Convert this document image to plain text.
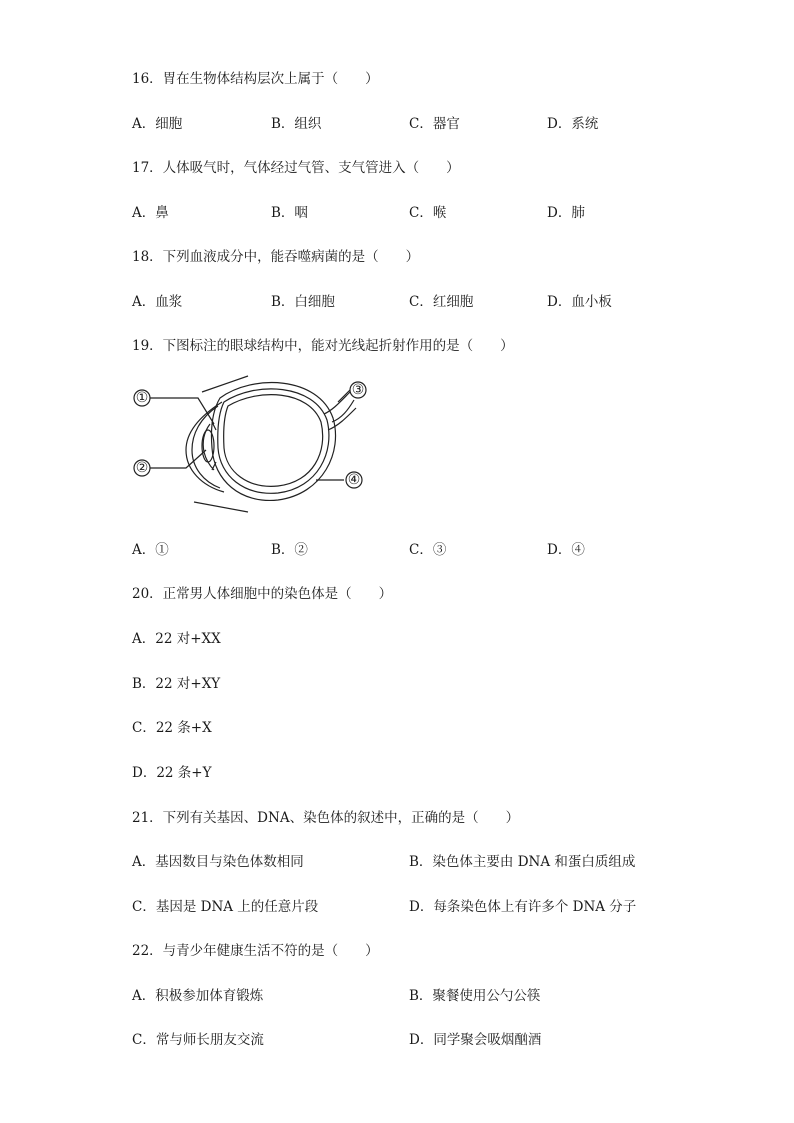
16．胃在生物体结构层次上属于（　　）
A．细胞	B．组织	C．器官	D．系统
17．人体吸气时，气体经过气管、支气管进入（　　）
A．鼻	B．咽	C．喉	D．肺
18．下列血液成分中，能吞噬病菌的是（　　）
A．血浆	B．白细胞	C．红细胞	D．血小板
19．下图标注的眼球结构中，能对光线起折射作用的是（　　）
①
②
③
④
A．①	B．②	C．③	D．④
20．正常男人体细胞中的染色体是（　　）
A．22 对+XX
B．22 对+XY
C．22 条+X
D．22 条+Y
21．下列有关基因、DNA、染色体的叙述中，正确的是（　　）
A．基因数目与染色体数相同	B．染色体主要由 DNA 和蛋白质组成
C．基因是 DNA 上的任意片段	D．每条染色体上有许多个 DNA 分子
22．与青少年健康生活不符的是（　　）
A．积极参加体育锻炼	B．聚餐使用公勺公筷
C．常与师长朋友交流	D．同学聚会吸烟酗酒
